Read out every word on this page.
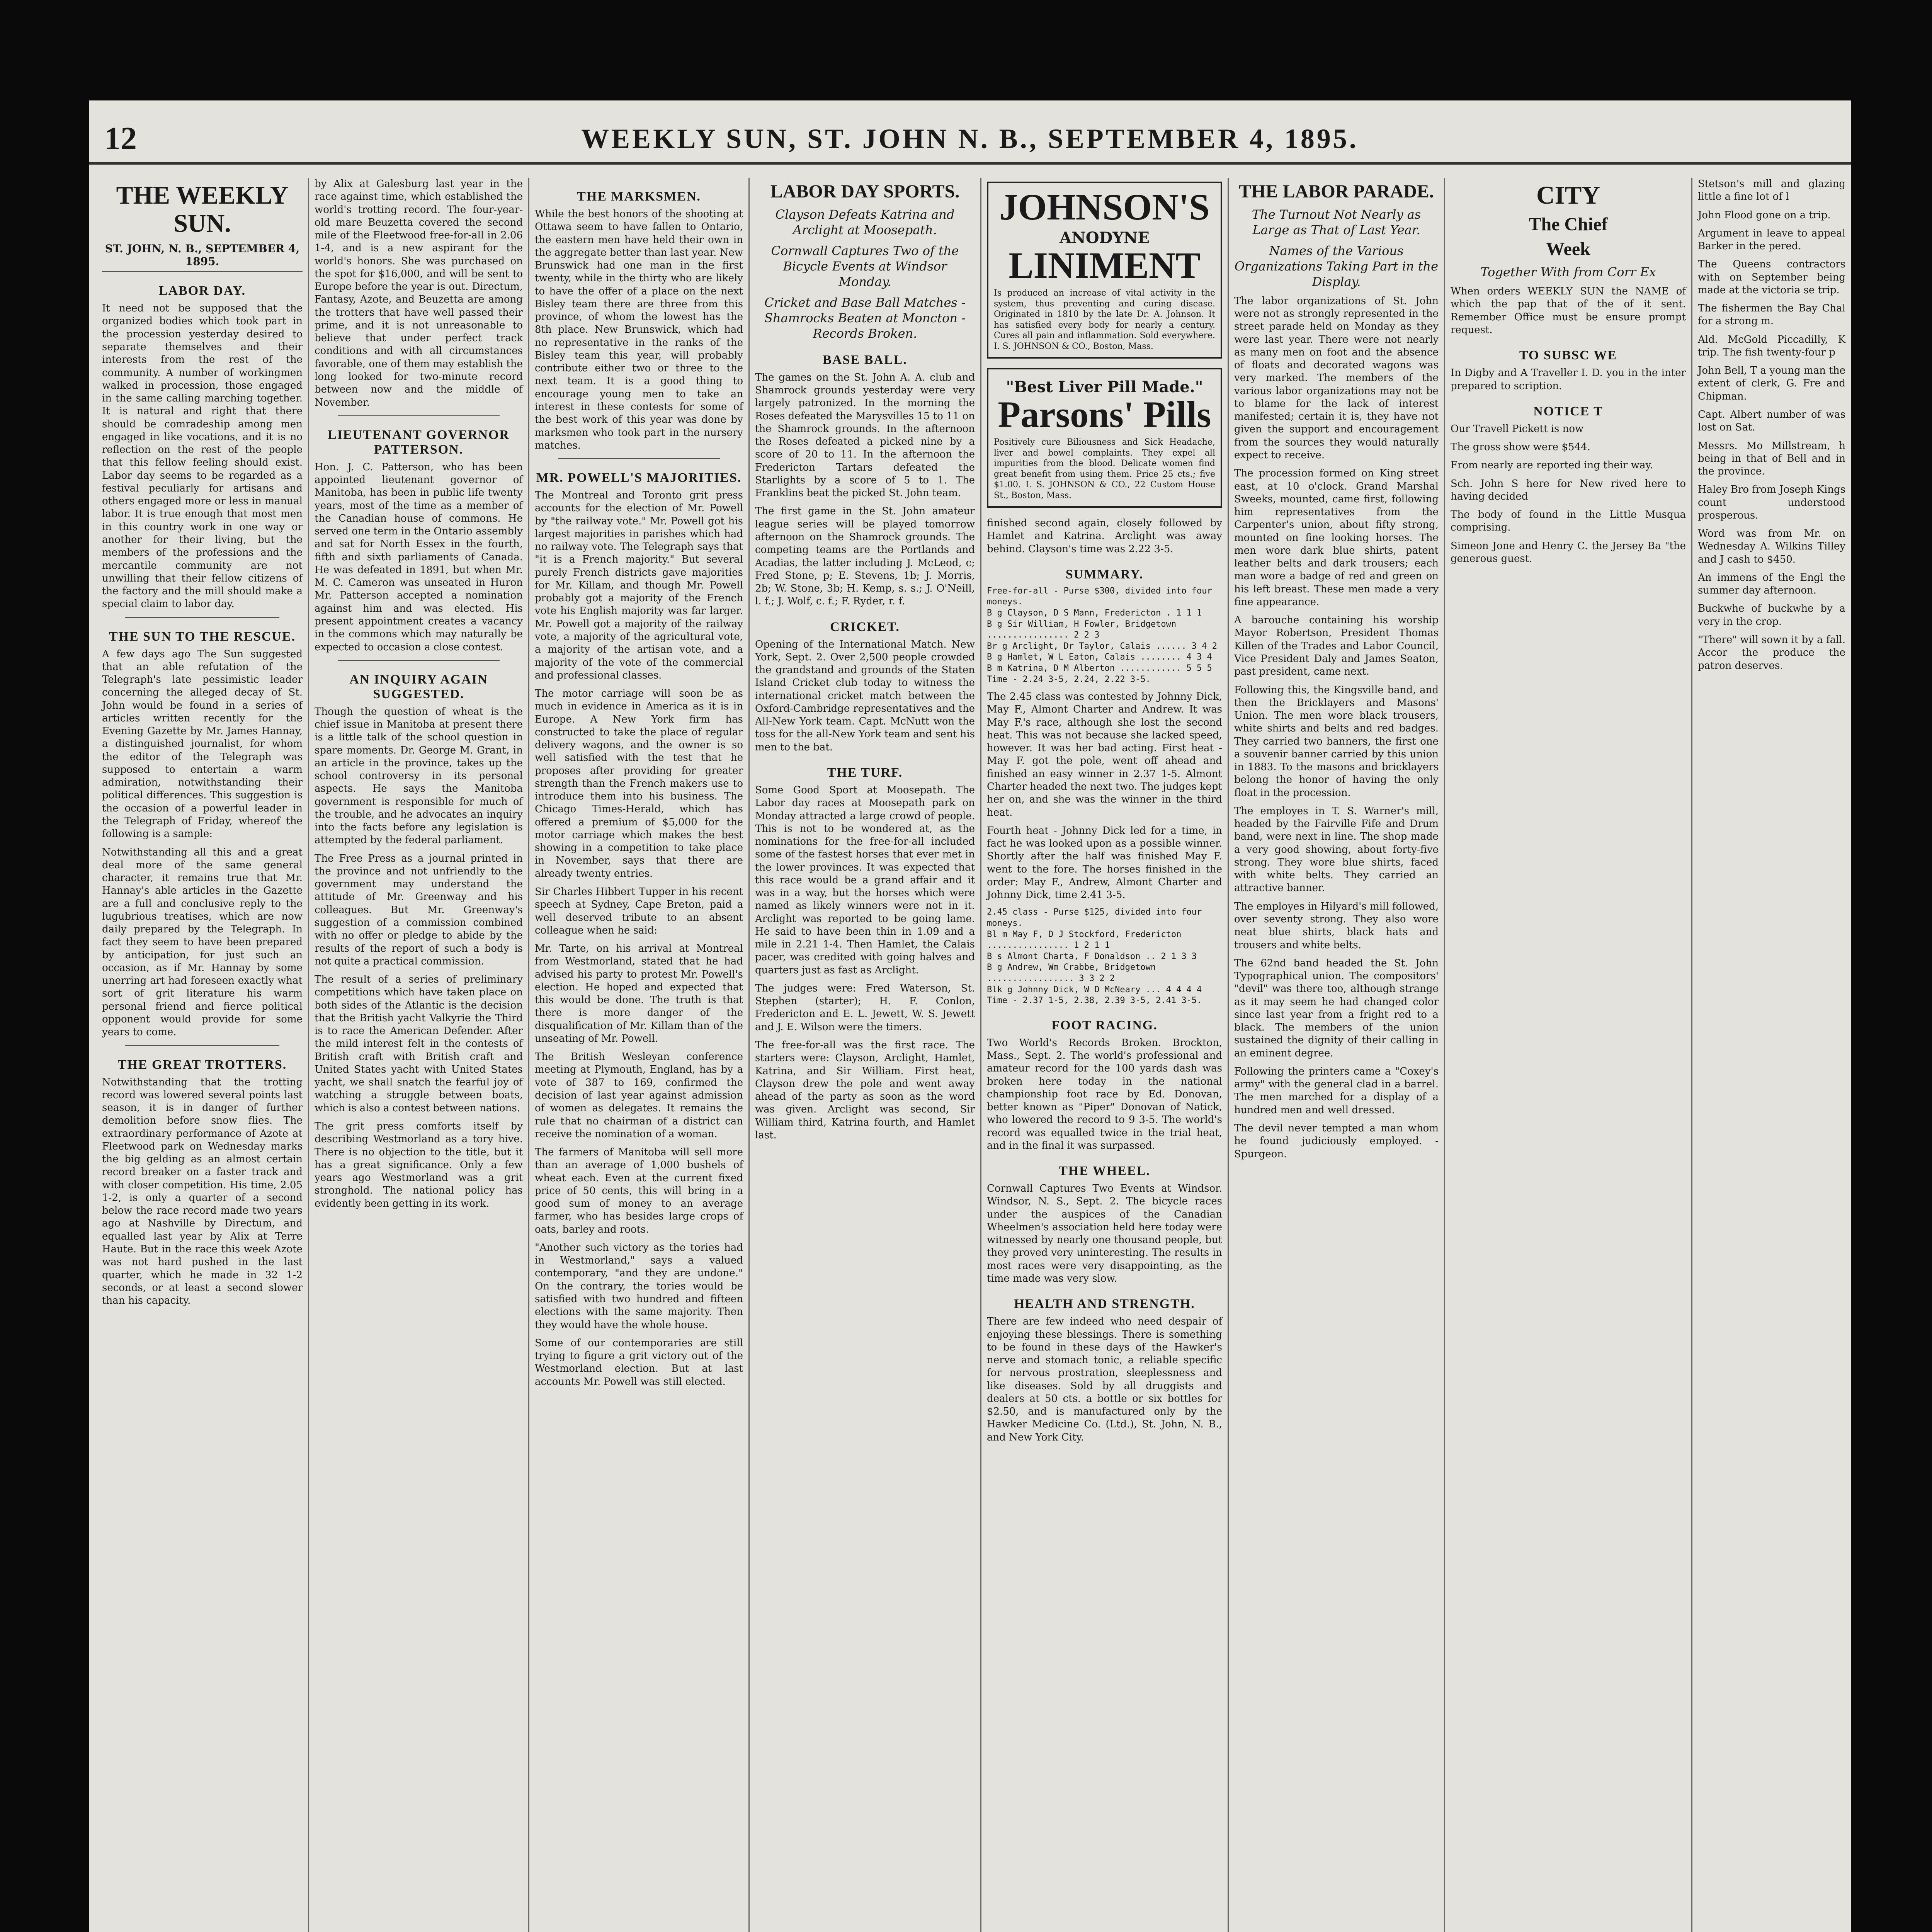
12	WEEKLY SUN, ST. JOHN N. B., SEPTEMBER 4, 1895.
THE WEEKLY SUN.
ST. JOHN, N. B., SEPTEMBER 4, 1895.
LABOR DAY.

It need not be supposed that the organized bodies which took part in the procession yesterday desired to separate themselves and their interests from the rest of the community. A number of workingmen walked in procession, those engaged in the same calling marching together. It is natural and right that there should be comradeship among men engaged in like vocations, and it is no reflection on the rest of the people that this fellow feeling should exist. Labor day seems to be regarded as a festival peculiarly for artisans and others engaged more or less in manual labor. It is true enough that most men in this country work in one way or another for their living, but the members of the professions and the mercantile community are not unwilling that their fellow citizens of the factory and the mill should make a special claim to labor day.

THE SUN TO THE RESCUE.

A few days ago The Sun suggested that an able refutation of the Telegraph's late pessimistic leader concerning the alleged decay of St. John would be found in a series of articles written recently for the Evening Gazette by Mr. James Hannay, a distinguished journalist, for whom the editor of the Telegraph was supposed to entertain a warm admiration, notwithstanding their political differences. This suggestion is the occasion of a powerful leader in the Telegraph of Friday, whereof the following is a sample:

Notwithstanding all this and a great deal more of the same general character, it remains true that Mr. Hannay's able articles in the Gazette are a full and conclusive reply to the lugubrious treatises, which are now daily prepared by the Telegraph. In fact they seem to have been prepared by anticipation, for just such an occasion, as if Mr. Hannay by some unerring art had foreseen exactly what sort of grit literature his warm personal friend and fierce political opponent would provide for some years to come.

THE GREAT TROTTERS.

Notwithstanding that the trotting record was lowered several points last season, it is in danger of further demolition before snow flies. The extraordinary performance of Azote at Fleetwood park on Wednesday marks the big gelding as an almost certain record breaker on a faster track and with closer competition. His time, 2.05 1-2, is only a quarter of a second below the race record made two years ago at Nashville by Directum, and equalled last year by Alix at Terre Haute. But in the race this week Azote was not hard pushed in the last quarter, which he made in 32 1-2 seconds, or at least a second slower than his capacity.

by Alix at Galesburg last year in the race against time, which established the world's trotting record. The four-year-old mare Beuzetta covered the second mile of the Fleetwood free-for-all in 2.06 1-4, and is a new aspirant for the world's honors. She was purchased on the spot for $16,000, and will be sent to Europe before the year is out. Directum, Fantasy, Azote, and Beuzetta are among the trotters that have well passed their prime, and it is not unreasonable to believe that under perfect track conditions and with all circumstances favorable, one of them may establish the long looked for two-minute record between now and the middle of November.

LIEUTENANT GOVERNOR PATTERSON.

Hon. J. C. Patterson, who has been appointed lieutenant governor of Manitoba, has been in public life twenty years, most of the time as a member of the Canadian house of commons. He served one term in the Ontario assembly and sat for North Essex in the fourth, fifth and sixth parliaments of Canada. He was defeated in 1891, but when Mr. M. C. Cameron was unseated in Huron Mr. Patterson accepted a nomination against him and was elected. His present appointment creates a vacancy in the commons which may naturally be expected to occasion a close contest.

AN INQUIRY AGAIN SUGGESTED.

Though the question of wheat is the chief issue in Manitoba at present there is a little talk of the school question in spare moments. Dr. George M. Grant, in an article in the province, takes up the school controversy in its personal aspects. He says the Manitoba government is responsible for much of the trouble, and he advocates an inquiry into the facts before any legislation is attempted by the federal parliament.

The Free Press as a journal printed in the province and not unfriendly to the government may understand the attitude of Mr. Greenway and his colleagues. But Mr. Greenway's suggestion of a commission combined with no offer or pledge to abide by the results of the report of such a body is not quite a practical commission.

The result of a series of preliminary competitions which have taken place on both sides of the Atlantic is the decision that the British yacht Valkyrie the Third is to race the American Defender. After the mild interest felt in the contests of British craft with British craft and United States yacht with United States yacht, we shall snatch the fearful joy of watching a struggle between boats, which is also a contest between nations.

The grit press comforts itself by describing Westmorland as a tory hive. There is no objection to the title, but it has a great significance. Only a few years ago Westmorland was a grit stronghold. The national policy has evidently been getting in its work.

THE MARKSMEN.

While the best honors of the shooting at Ottawa seem to have fallen to Ontario, the eastern men have held their own in the aggregate better than last year. New Brunswick had one man in the first twenty, while in the thirty who are likely to have the offer of a place on the next Bisley team there are three from this province, of whom the lowest has the 8th place. New Brunswick, which had no representative in the ranks of the Bisley team this year, will probably contribute either two or three to the next team. It is a good thing to encourage young men to take an interest in these contests for some of the best work of this year was done by marksmen who took part in the nursery matches.

MR. POWELL'S MAJORITIES.

The Montreal and Toronto grit press accounts for the election of Mr. Powell by "the railway vote." Mr. Powell got his largest majorities in parishes which had no railway vote. The Telegraph says that "it is a French majority." But several purely French districts gave majorities for Mr. Killam, and though Mr. Powell probably got a majority of the French vote his English majority was far larger. Mr. Powell got a majority of the railway vote, a majority of the agricultural vote, a majority of the artisan vote, and a majority of the vote of the commercial and professional classes.

The motor carriage will soon be as much in evidence in America as it is in Europe. A New York firm has constructed to take the place of regular delivery wagons, and the owner is so well satisfied with the test that he proposes after providing for greater strength than the French makers use to introduce them into his business. The Chicago Times-Herald, which has offered a premium of $5,000 for the motor carriage which makes the best showing in a competition to take place in November, says that there are already twenty entries.

Sir Charles Hibbert Tupper in his recent speech at Sydney, Cape Breton, paid a well deserved tribute to an absent colleague when he said:

Mr. Tarte, on his arrival at Montreal from Westmorland, stated that he had advised his party to protest Mr. Powell's election. He hoped and expected that this would be done. The truth is that there is more danger of the disqualification of Mr. Killam than of the unseating of Mr. Powell.

The British Wesleyan conference meeting at Plymouth, England, has by a vote of 387 to 169, confirmed the decision of last year against admission of women as delegates. It remains the rule that no chairman of a district can receive the nomination of a woman.

The farmers of Manitoba will sell more than an average of 1,000 bushels of wheat each. Even at the current fixed price of 50 cents, this will bring in a good sum of money to an average farmer, who has besides large crops of oats, barley and roots.

"Another such victory as the tories had in Westmorland," says a valued contemporary, "and they are undone." On the contrary, the tories would be satisfied with two hundred and fifteen elections with the same majority. Then they would have the whole house.

Some of our contemporaries are still trying to figure a grit victory out of the Westmorland election. But at last accounts Mr. Powell was still elected.

LABOR DAY SPORTS.
Clayson Defeats Katrina and Arclight at Moosepath.
Cornwall Captures Two of the Bicycle Events at Windsor Monday.
Cricket and Base Ball Matches - Shamrocks Beaten at Moncton - Records Broken.
BASE BALL.

The games on the St. John A. A. club and Shamrock grounds yesterday were very largely patronized. In the morning the Roses defeated the Marysvilles 15 to 11 on the Shamrock grounds. In the afternoon the Roses defeated a picked nine by a score of 20 to 11. In the afternoon the Fredericton Tartars defeated the Starlights by a score of 5 to 1. The Franklins beat the picked St. John team.

The first game in the St. John amateur league series will be played tomorrow afternoon on the Shamrock grounds. The competing teams are the Portlands and Acadias, the latter including J. McLeod, c; Fred Stone, p; E. Stevens, 1b; J. Morris, 2b; W. Stone, 3b; H. Kemp, s. s.; J. O'Neill, l. f.; J. Wolf, c. f.; F. Ryder, r. f.

CRICKET.

Opening of the International Match. New York, Sept. 2. Over 2,500 people crowded the grandstand and grounds of the Staten Island Cricket club today to witness the international cricket match between the Oxford-Cambridge representatives and the All-New York team. Capt. McNutt won the toss for the all-New York team and sent his men to the bat.

THE TURF.

Some Good Sport at Moosepath. The Labor day races at Moosepath park on Monday attracted a large crowd of people. This is not to be wondered at, as the nominations for the free-for-all included some of the fastest horses that ever met in the lower provinces. It was expected that this race would be a grand affair and it was in a way, but the horses which were named as likely winners were not in it. Arclight was reported to be going lame. He said to have been thin in 1.09 and a mile in 2.21 1-4. Then Hamlet, the Calais pacer, was credited with going halves and quarters just as fast as Arclight.

The judges were: Fred Waterson, St. Stephen (starter); H. F. Conlon, Fredericton and E. L. Jewett, W. S. Jewett and J. E. Wilson were the timers.

The free-for-all was the first race. The starters were: Clayson, Arclight, Hamlet, Katrina, and Sir William. First heat, Clayson drew the pole and went away ahead of the party as soon as the word was given. Arclight was second, Sir William third, Katrina fourth, and Hamlet last.

JOHNSON'S
ANODYNE
LINIMENT
Is produced an increase of vital activity in the system, thus preventing and curing disease. Originated in 1810 by the late Dr. A. Johnson. It has satisfied every body for nearly a century. Cures all pain and inflammation. Sold everywhere. I. S. JOHNSON & CO., Boston, Mass.
"Best Liver Pill Made."
Parsons' Pills
Positively cure Biliousness and Sick Headache, liver and bowel complaints. They expel all impurities from the blood. Delicate women find great benefit from using them. Price 25 cts.; five $1.00. I. S. JOHNSON & CO., 22 Custom House St., Boston, Mass.

finished second again, closely followed by Hamlet and Katrina. Arclight was away behind. Clayson's time was 2.22 3-5.

SUMMARY.
Free-for-all - Purse $300, divided into four moneys.
B g Clayson, D S Mann, Fredericton . 1 1 1
B g Sir William, H Fowler, Bridgetown ................ 2 2 3
Br g Arclight, Dr Taylor, Calais ...... 3 4 2
B g Hamlet, W L Eaton, Calais ........ 4 3 4
B m Katrina, D M Alberton ............ 5 5 5
Time - 2.24 3-5, 2.24, 2.22 3-5.

The 2.45 class was contested by Johnny Dick, May F., Almont Charter and Andrew. It was May F.'s race, although she lost the second heat. This was not because she lacked speed, however. It was her bad acting. First heat - May F. got the pole, went off ahead and finished an easy winner in 2.37 1-5. Almont Charter headed the next two. The judges kept her on, and she was the winner in the third heat.

Fourth heat - Johnny Dick led for a time, in fact he was looked upon as a possible winner. Shortly after the half was finished May F. went to the fore. The horses finished in the order: May F., Andrew, Almont Charter and Johnny Dick, time 2.41 3-5.

2.45 class - Purse $125, divided into four moneys.
Bl m May F, D J Stockford, Fredericton ................ 1 2 1 1
B s Almont Charta, F Donaldson .. 2 1 3 3
B g Andrew, Wm Crabbe, Bridgetown ................. 3 3 2 2
Blk g Johnny Dick, W D McNeary ... 4 4 4 4
Time - 2.37 1-5, 2.38, 2.39 3-5, 2.41 3-5.
FOOT RACING.

Two World's Records Broken. Brockton, Mass., Sept. 2. The world's professional and amateur record for the 100 yards dash was broken here today in the national championship foot race by Ed. Donovan, better known as "Piper" Donovan of Natick, who lowered the record to 9 3-5. The world's record was equalled twice in the trial heat, and in the final it was surpassed.

THE WHEEL.

Cornwall Captures Two Events at Windsor. Windsor, N. S., Sept. 2. The bicycle races under the auspices of the Canadian Wheelmen's association held here today were witnessed by nearly one thousand people, but they proved very uninteresting. The results in most races were very disappointing, as the time made was very slow.

HEALTH AND STRENGTH.

There are few indeed who need despair of enjoying these blessings. There is something to be found in these days of the Hawker's nerve and stomach tonic, a reliable specific for nervous prostration, sleeplessness and like diseases. Sold by all druggists and dealers at 50 cts. a bottle or six bottles for $2.50, and is manufactured only by the Hawker Medicine Co. (Ltd.), St. John, N. B., and New York City.

THE LABOR PARADE.
The Turnout Not Nearly as Large as That of Last Year.
Names of the Various Organizations Taking Part in the Display.

The labor organizations of St. John were not as strongly represented in the street parade held on Monday as they were last year. There were not nearly as many men on foot and the absence of floats and decorated wagons was very marked. The members of the various labor organizations may not be to blame for the lack of interest manifested; certain it is, they have not given the support and encouragement from the sources they would naturally expect to receive.

The procession formed on King street east, at 10 o'clock. Grand Marshal Sweeks, mounted, came first, following him representatives from the Carpenter's union, about fifty strong, mounted on fine looking horses. The men wore dark blue shirts, patent leather belts and dark trousers; each man wore a badge of red and green on his left breast. These men made a very fine appearance.

A barouche containing his worship Mayor Robertson, President Thomas Killen of the Trades and Labor Council, Vice President Daly and James Seaton, past president, came next.

Following this, the Kingsville band, and then the Bricklayers and Masons' Union. The men wore black trousers, white shirts and belts and red badges. They carried two banners, the first one a souvenir banner carried by this union in 1883. To the masons and bricklayers belong the honor of having the only float in the procession.

The employes in T. S. Warner's mill, headed by the Fairville Fife and Drum band, were next in line. The shop made a very good showing, about forty-five strong. They wore blue shirts, faced with white belts. They carried an attractive banner.

The employes in Hilyard's mill followed, over seventy strong. They also wore neat blue shirts, black hats and trousers and white belts.

The 62nd band headed the St. John Typographical union. The compositors' "devil" was there too, although strange as it may seem he had changed color since last year from a fright red to a black. The members of the union sustained the dignity of their calling in an eminent degree.

Following the printers came a "Coxey's army" with the general clad in a barrel. The men marched for a display of a hundred men and well dressed.

The devil never tempted a man whom he found judiciously employed. - Spurgeon.

CITY
The Chief
Week
Together With from Corr Ex

When orders WEEKLY SUN the NAME of which the pap that of the of it sent. Remember Office must be ensure prompt request.

TO SUBSC WE

In Digby and A Traveller I. D. you in the inter prepared to scription.

NOTICE T

Our Travell Pickett is now

The gross show were $544.

From nearly are reported ing their way.

Sch. John S here for New rived here to having decided

The body of found in the Little Musqua comprising.

Simeon Jone and Henry C. the Jersey Ba "the generous guest.

Stetson's mill and glazing little a fine lot of l

John Flood gone on a trip.

Argument in leave to appeal Barker in the pered.

The Queens contractors with on September being made at the victoria se trip.

The fishermen the Bay Chal for a strong m.

Ald. McGold Piccadilly, K trip. The fish twenty-four p

John Bell, T a young man the extent of clerk, G. Fre and Chipman.

Capt. Albert number of was lost on Sat.

Messrs. Mo Millstream, h being in that of Bell and in the province.

Haley Bro from Joseph Kings count understood prosperous.

Word was from Mr. on Wednesday A. Wilkins Tilley and J cash to $450.

An immens of the Engl the summer day afternoon.

Buckwhe of buckwhe by a very in the crop.

"There" will sown it by a fall. Accor the produce the patron deserves.
